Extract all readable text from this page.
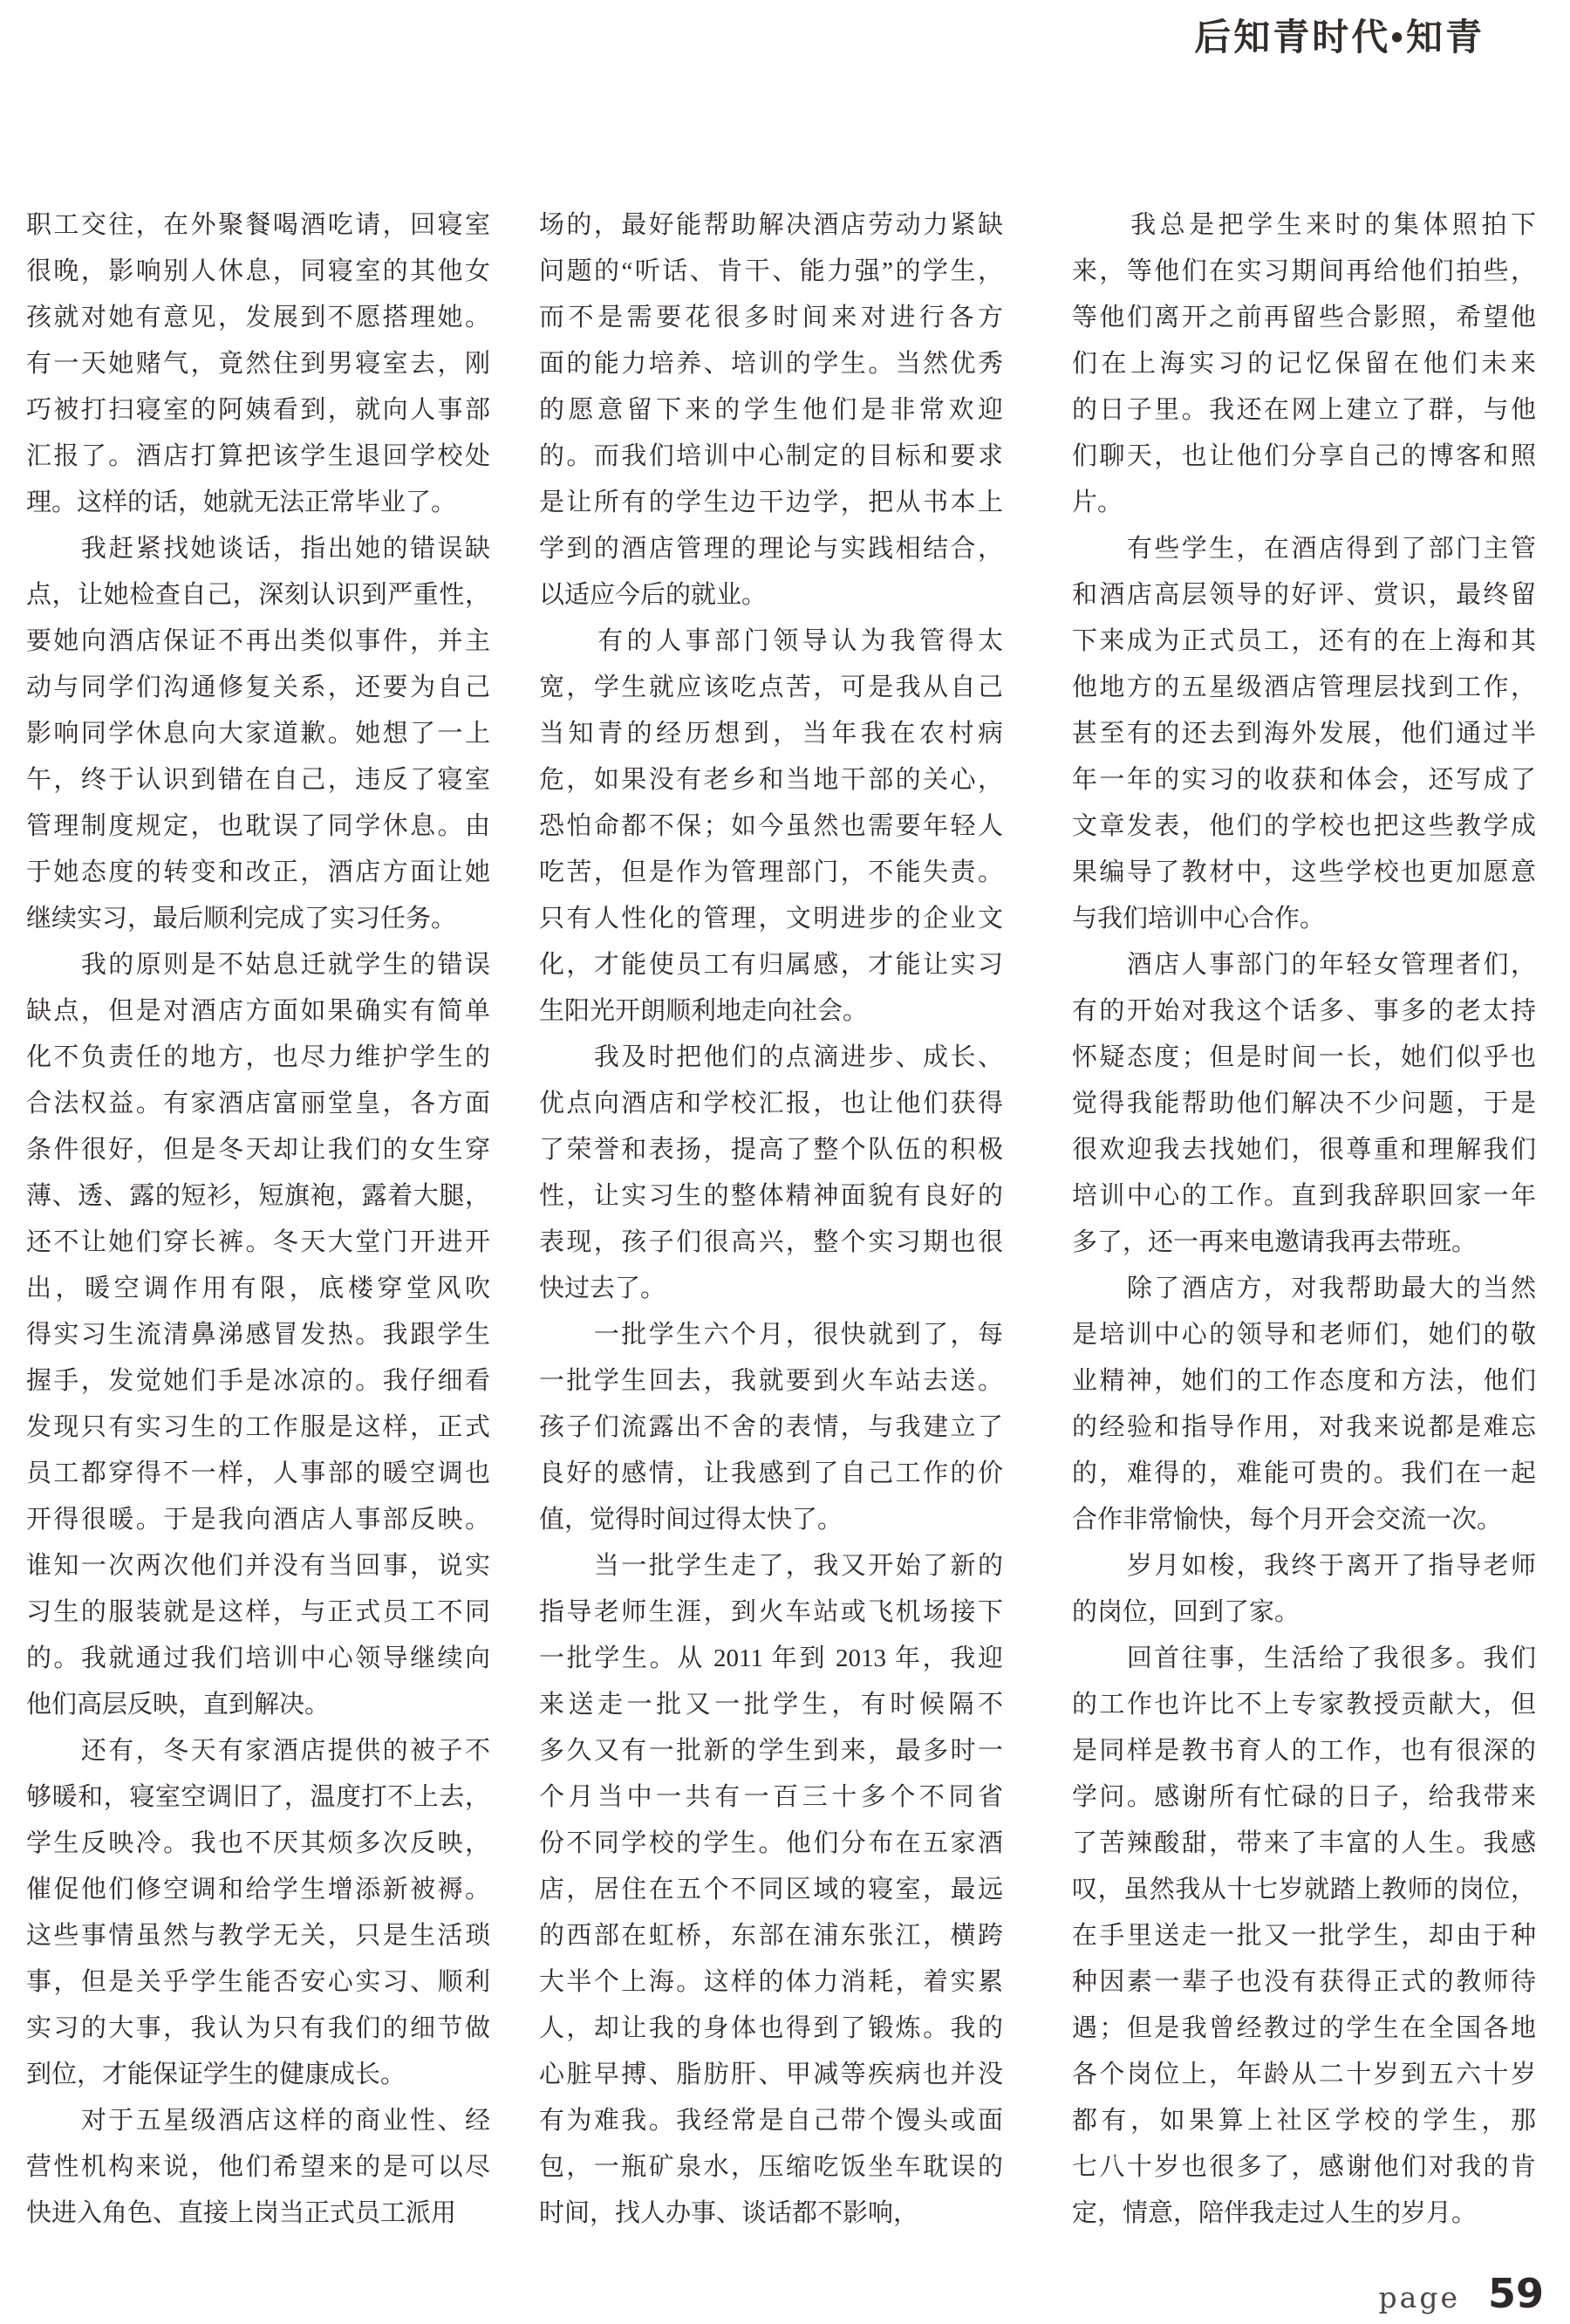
后知青时代•知青
职工交往，在外聚餐喝酒吃请，回寝室
很晚，影响别人休息，同寝室的其他女
孩就对她有意见，发展到不愿搭理她。
有一天她赌气，竟然住到男寝室去，刚
巧被打扫寝室的阿姨看到，就向人事部
汇报了。酒店打算把该学生退回学校处
理。这样的话，她就无法正常毕业了。
　　我赶紧找她谈话，指出她的错误缺
点，让她检查自己，深刻认识到严重性，
要她向酒店保证不再出类似事件，并主
动与同学们沟通修复关系，还要为自己
影响同学休息向大家道歉。她想了一上
午，终于认识到错在自己，违反了寝室
管理制度规定，也耽误了同学休息。由
于她态度的转变和改正，酒店方面让她
继续实习，最后顺利完成了实习任务。
　　我的原则是不姑息迁就学生的错误
缺点，但是对酒店方面如果确实有简单
化不负责任的地方，也尽力维护学生的
合法权益。有家酒店富丽堂皇，各方面
条件很好，但是冬天却让我们的女生穿
薄、透、露的短衫，短旗袍，露着大腿，
还不让她们穿长裤。冬天大堂门开进开
出，暖空调作用有限，底楼穿堂风吹
得实习生流清鼻涕感冒发热。我跟学生
握手，发觉她们手是冰凉的。我仔细看
发现只有实习生的工作服是这样，正式
员工都穿得不一样，人事部的暖空调也
开得很暖。于是我向酒店人事部反映。
谁知一次两次他们并没有当回事，说实
习生的服装就是这样，与正式员工不同
的。我就通过我们培训中心领导继续向
他们高层反映，直到解决。
　　还有，冬天有家酒店提供的被子不
够暖和，寝室空调旧了，温度打不上去，
学生反映冷。我也不厌其烦多次反映，
催促他们修空调和给学生增添新被褥。
这些事情虽然与教学无关，只是生活琐
事，但是关乎学生能否安心实习、顺利
实习的大事，我认为只有我们的细节做
到位，才能保证学生的健康成长。
　　对于五星级酒店这样的商业性、经
营性机构来说，他们希望来的是可以尽
快进入角色、直接上岗当正式员工派用
场的，最好能帮助解决酒店劳动力紧缺
问题的“听话、肯干、能力强”的学生，
而不是需要花很多时间来对进行各方
面的能力培养、培训的学生。当然优秀
的愿意留下来的学生他们是非常欢迎
的。而我们培训中心制定的目标和要求
是让所有的学生边干边学，把从书本上
学到的酒店管理的理论与实践相结合，
以适应今后的就业。
　　有的人事部门领导认为我管得太
宽，学生就应该吃点苦，可是我从自己
当知青的经历想到，当年我在农村病
危，如果没有老乡和当地干部的关心，
恐怕命都不保；如今虽然也需要年轻人
吃苦，但是作为管理部门，不能失责。
只有人性化的管理，文明进步的企业文
化，才能使员工有归属感，才能让实习
生阳光开朗顺利地走向社会。
　　我及时把他们的点滴进步、成长、
优点向酒店和学校汇报，也让他们获得
了荣誉和表扬，提高了整个队伍的积极
性，让实习生的整体精神面貌有良好的
表现，孩子们很高兴，整个实习期也很
快过去了。
　　一批学生六个月，很快就到了，每
一批学生回去，我就要到火车站去送。
孩子们流露出不舍的表情，与我建立了
良好的感情，让我感到了自己工作的价
值，觉得时间过得太快了。
　　当一批学生走了，我又开始了新的
指导老师生涯，到火车站或飞机场接下
一批学生。从 2011 年到 2013 年，我迎
来送走一批又一批学生，有时候隔不
多久又有一批新的学生到来，最多时一
个月当中一共有一百三十多个不同省
份不同学校的学生。他们分布在五家酒
店，居住在五个不同区域的寝室，最远
的西部在虹桥，东部在浦东张江，横跨
大半个上海。这样的体力消耗，着实累
人，却让我的身体也得到了锻炼。我的
心脏早搏、脂肪肝、甲减等疾病也并没
有为难我。我经常是自己带个馒头或面
包，一瓶矿泉水，压缩吃饭坐车耽误的
时间，找人办事、谈话都不影响，
　　我总是把学生来时的集体照拍下
来，等他们在实习期间再给他们拍些，
等他们离开之前再留些合影照，希望他
们在上海实习的记忆保留在他们未来
的日子里。我还在网上建立了群，与他
们聊天，也让他们分享自己的博客和照
片。
　　有些学生，在酒店得到了部门主管
和酒店高层领导的好评、赏识，最终留
下来成为正式员工，还有的在上海和其
他地方的五星级酒店管理层找到工作，
甚至有的还去到海外发展，他们通过半
年一年的实习的收获和体会，还写成了
文章发表，他们的学校也把这些教学成
果编导了教材中，这些学校也更加愿意
与我们培训中心合作。
　　酒店人事部门的年轻女管理者们，
有的开始对我这个话多、事多的老太持
怀疑态度；但是时间一长，她们似乎也
觉得我能帮助他们解决不少问题，于是
很欢迎我去找她们，很尊重和理解我们
培训中心的工作。直到我辞职回家一年
多了，还一再来电邀请我再去带班。
　　除了酒店方，对我帮助最大的当然
是培训中心的领导和老师们，她们的敬
业精神，她们的工作态度和方法，他们
的经验和指导作用，对我来说都是难忘
的，难得的，难能可贵的。我们在一起
合作非常愉快，每个月开会交流一次。
　　岁月如梭，我终于离开了指导老师
的岗位，回到了家。
　　回首往事，生活给了我很多。我们
的工作也许比不上专家教授贡献大，但
是同样是教书育人的工作，也有很深的
学问。感谢所有忙碌的日子，给我带来
了苦辣酸甜，带来了丰富的人生。我感
叹，虽然我从十七岁就踏上教师的岗位，
在手里送走一批又一批学生，却由于种
种因素一辈子也没有获得正式的教师待
遇；但是我曾经教过的学生在全国各地
各个岗位上，年龄从二十岁到五六十岁
都有，如果算上社区学校的学生，那
七八十岁也很多了，感谢他们对我的肯
定，情意，陪伴我走过人生的岁月。
page 59
